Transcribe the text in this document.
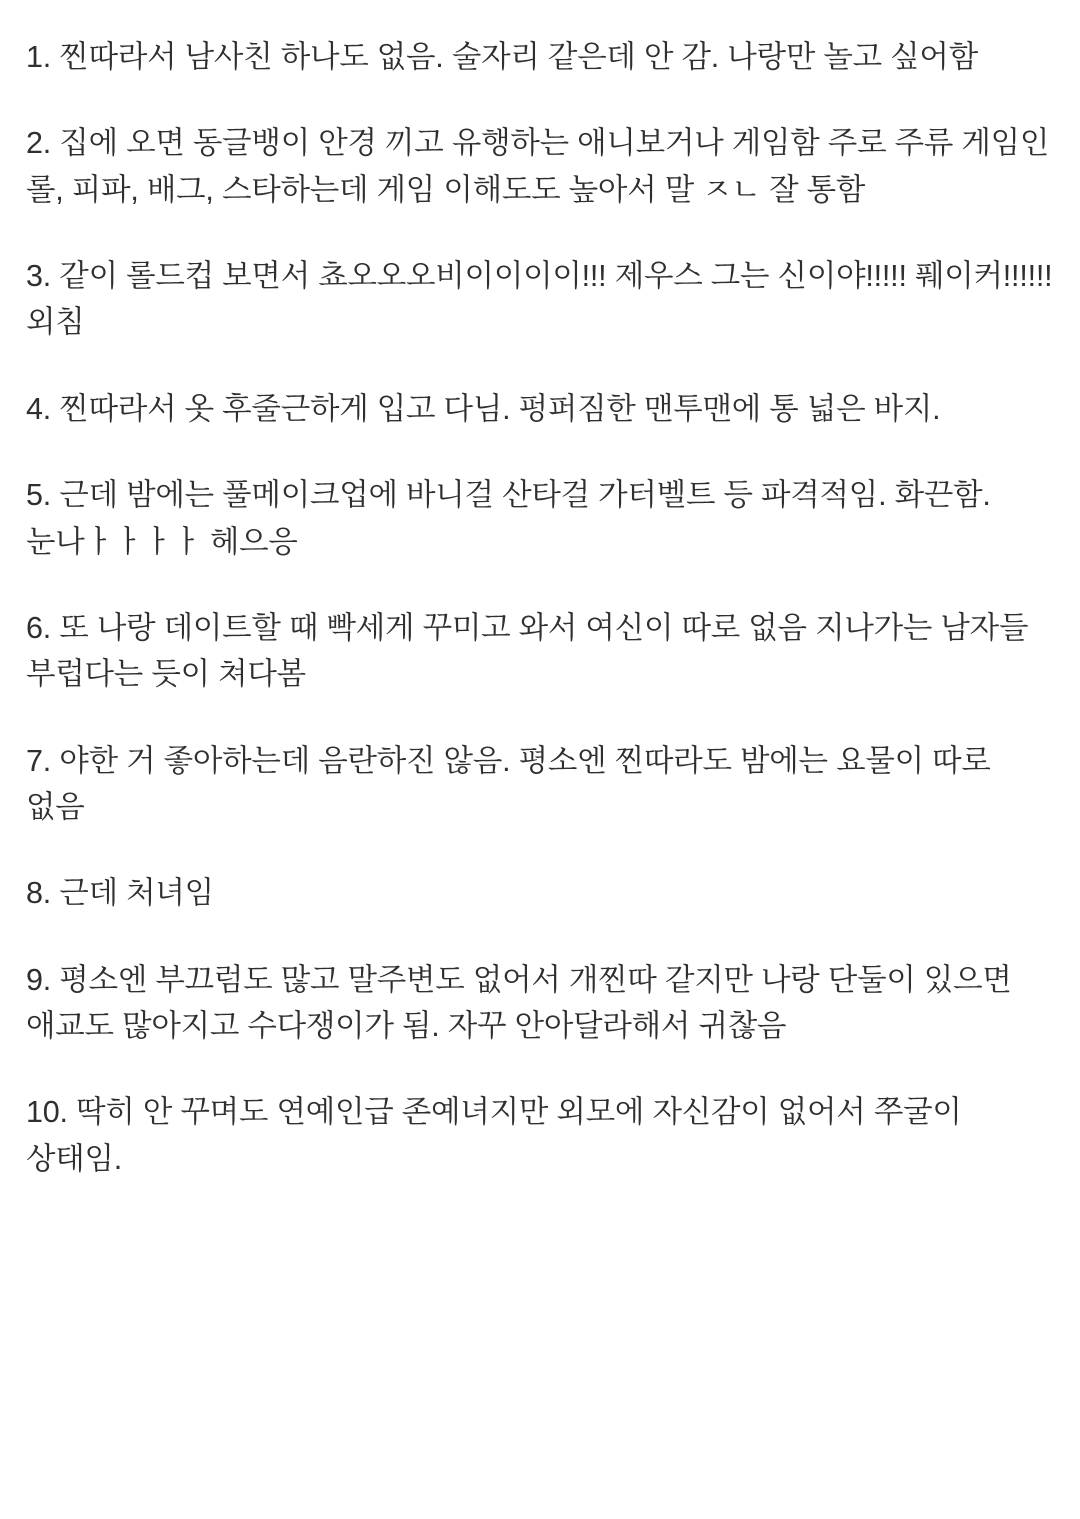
1. 찐따라서 남사친 하나도 없음. 술자리 같은데 안 감. 나랑만 놀고 싶어함

2. 집에 오면 동글뱅이 안경 끼고 유행하는 애니보거나 게임함 주로 주류 게임인 롤, 피파, 배그, 스타하는데 게임 이해도도 높아서 말 ㅈㄴ 잘 통함

3. 같이 롤드컵 보면서 쵸오오오비이이이이!!! 제우스 그는 신이야!!!!! 풰이커!!!!!! 외침

4. 찐따라서 옷 후줄근하게 입고 다님. 펑퍼짐한 맨투맨에 통 넓은 바지.

5. 근데 밤에는 풀메이크업에 바니걸 산타걸 가터벨트 등 파격적임. 화끈함. 눈나ㅏㅏㅏㅏ 헤으응

6. 또 나랑 데이트할 때 빡세게 꾸미고 와서 여신이 따로 없음 지나가는 남자들 부럽다는 듯이 쳐다봄

7. 야한 거 좋아하는데 음란하진 않음. 평소엔 찐따라도 밤에는 요물이 따로 없음

8. 근데 처녀임

9. 평소엔 부끄럼도 많고 말주변도 없어서 개찐따 같지만 나랑 단둘이 있으면 애교도 많아지고 수다쟁이가 됨. 자꾸 안아달라해서 귀찮음

10. 딱히 안 꾸며도 연예인급 존예녀지만 외모에 자신감이 없어서 쭈굴이 상태임.
